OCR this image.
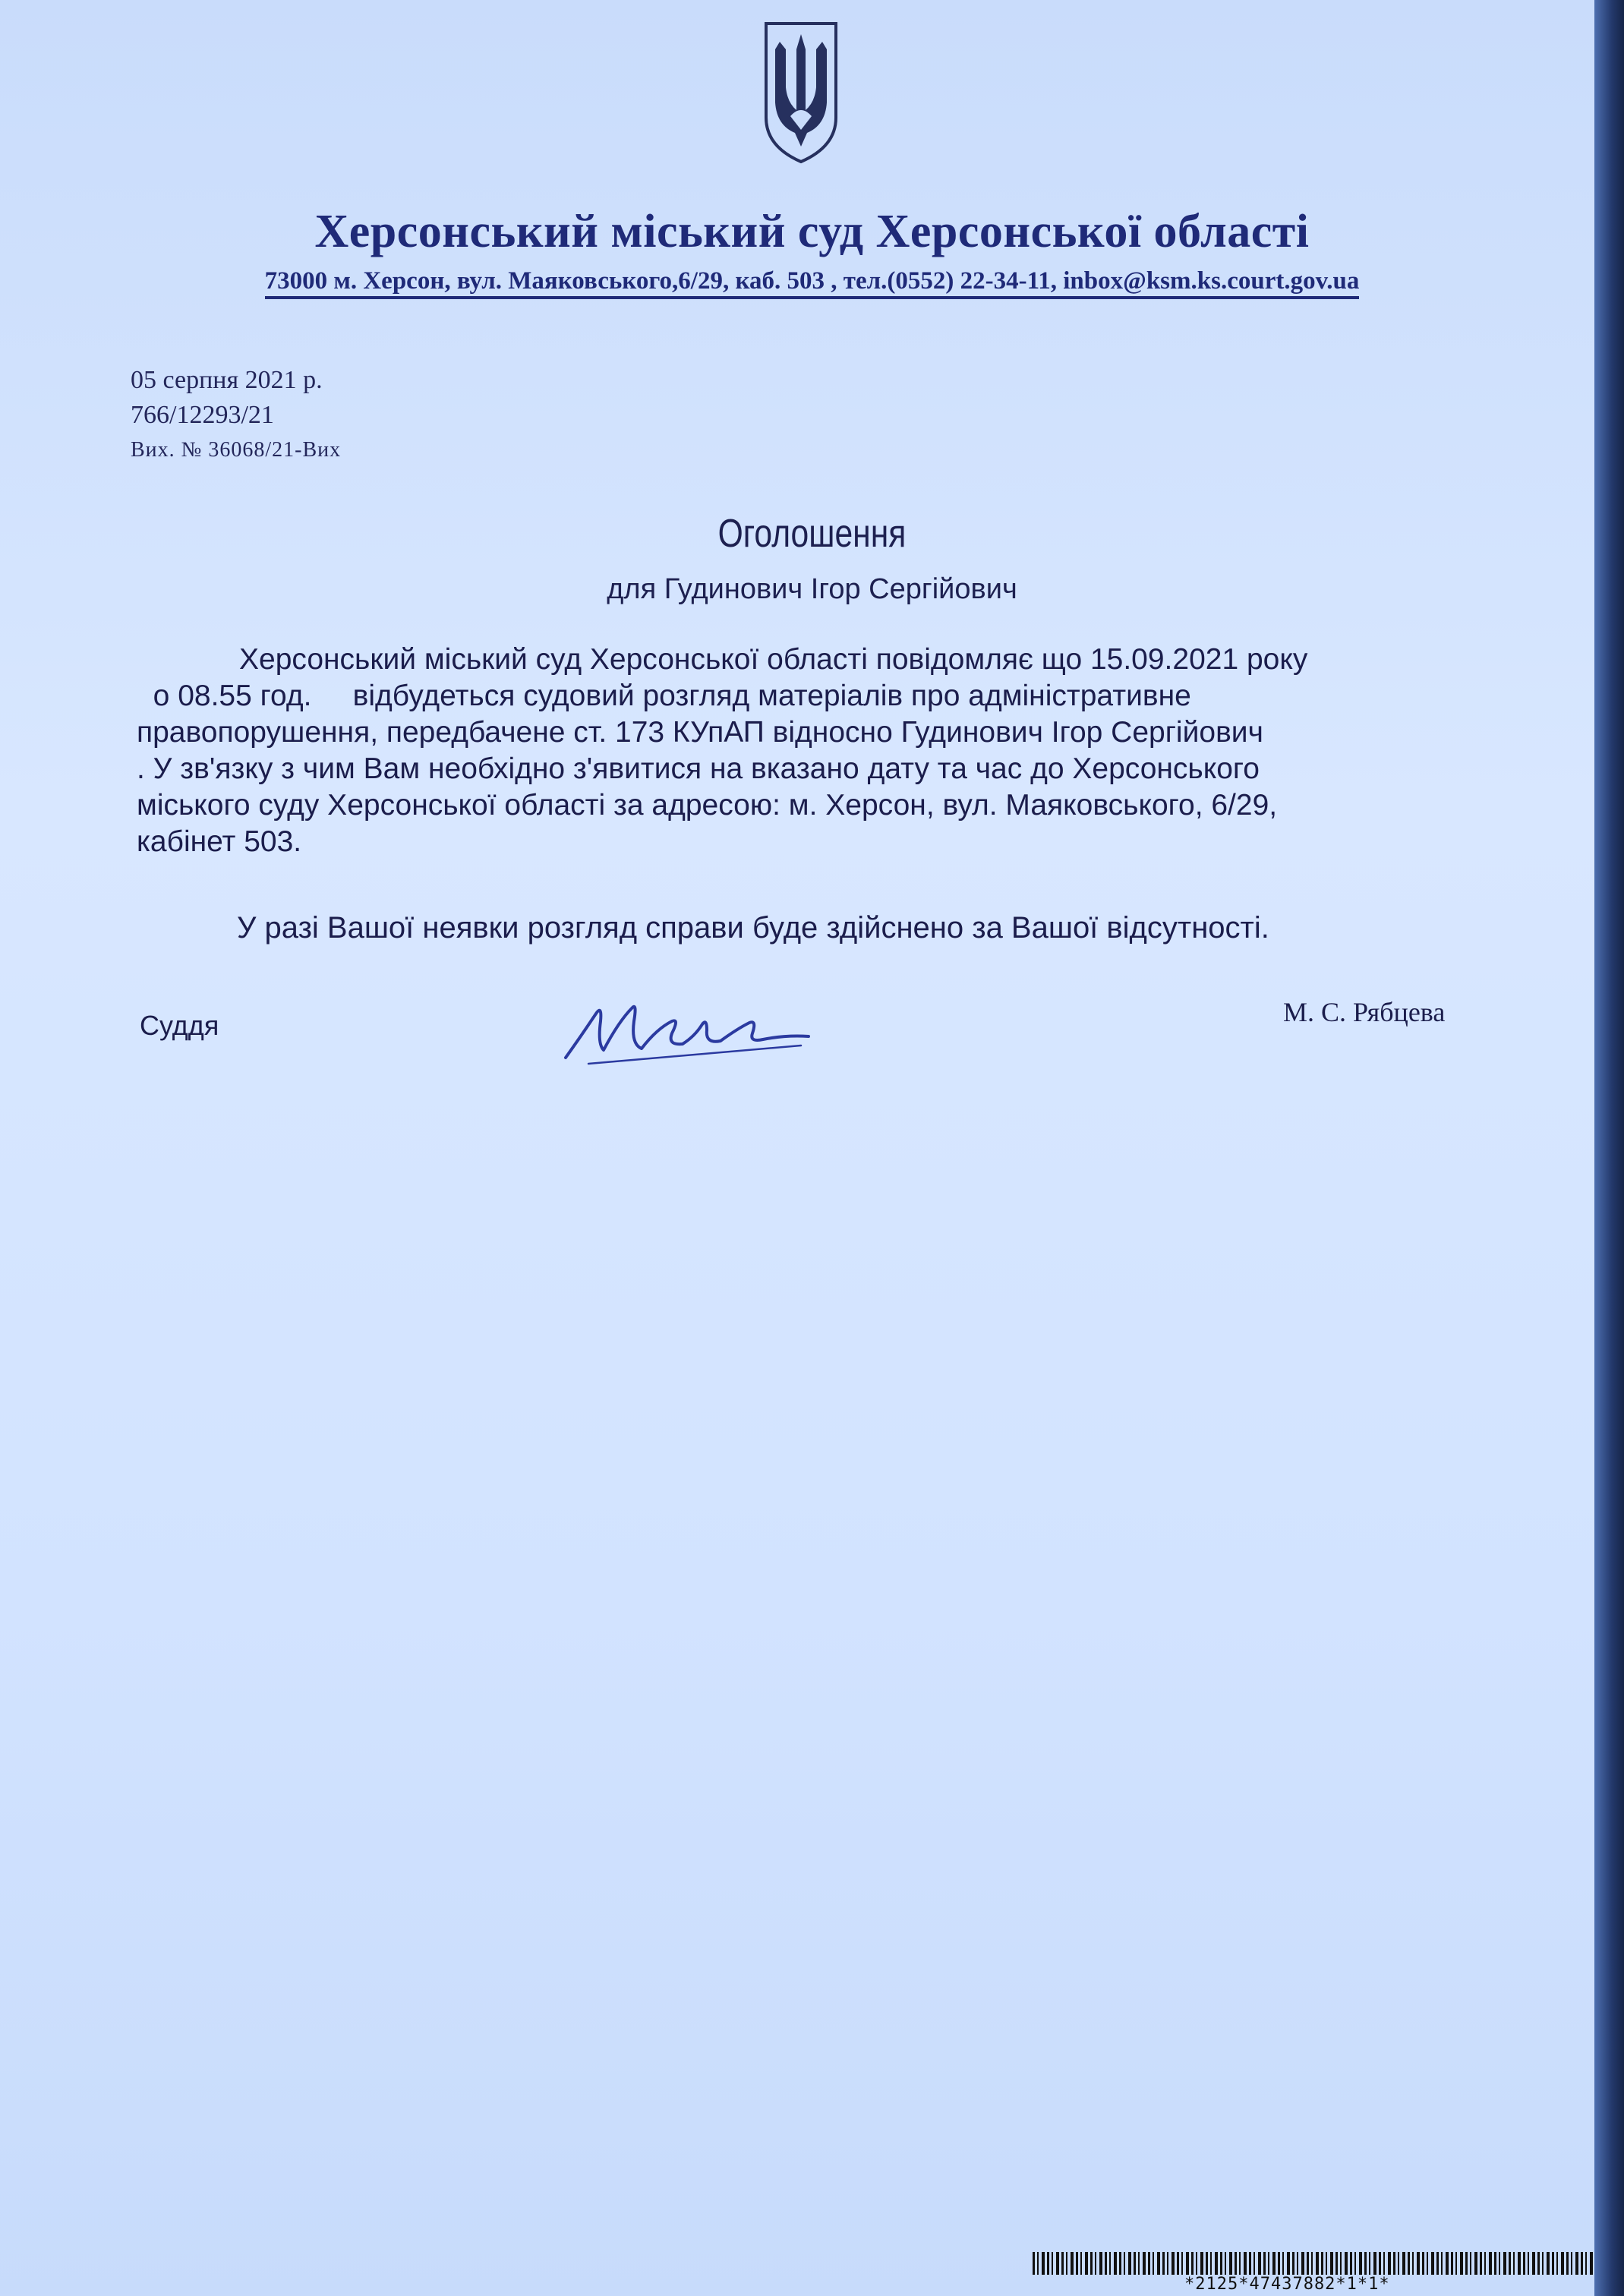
Херсонський міський суд Херсонської області
73000 м. Херсон, вул. Маяковського,6/29, каб. 503 , тел.(0552) 22-34-11, inbox@ksm.ks.court.gov.ua
05 серпня 2021 р.
766/12293/21
Вих. № 36068/21-Вих
Оголошення
для Гудинович Ігор Сергійович
Херсонський міський суд Херсонської області повідомляє що 15.09.2021 року
о 08.55 год.     відбудеться судовий розгляд матеріалів про адміністративне
правопорушення, передбачене ст. 173 КУпАП відносно Гудинович Ігор Сергійович
. У зв'язку з чим Вам необхідно з'явитися на вказано дату та час до Херсонського
міського суду Херсонської області за адресою: м. Херсон, вул. Маяковського, 6/29,
кабінет 503.
У разі Вашої неявки розгляд справи буде здійснено за Вашої відсутності.
Суддя	М. С. Рябцева
*2125*47437882*1*1*
